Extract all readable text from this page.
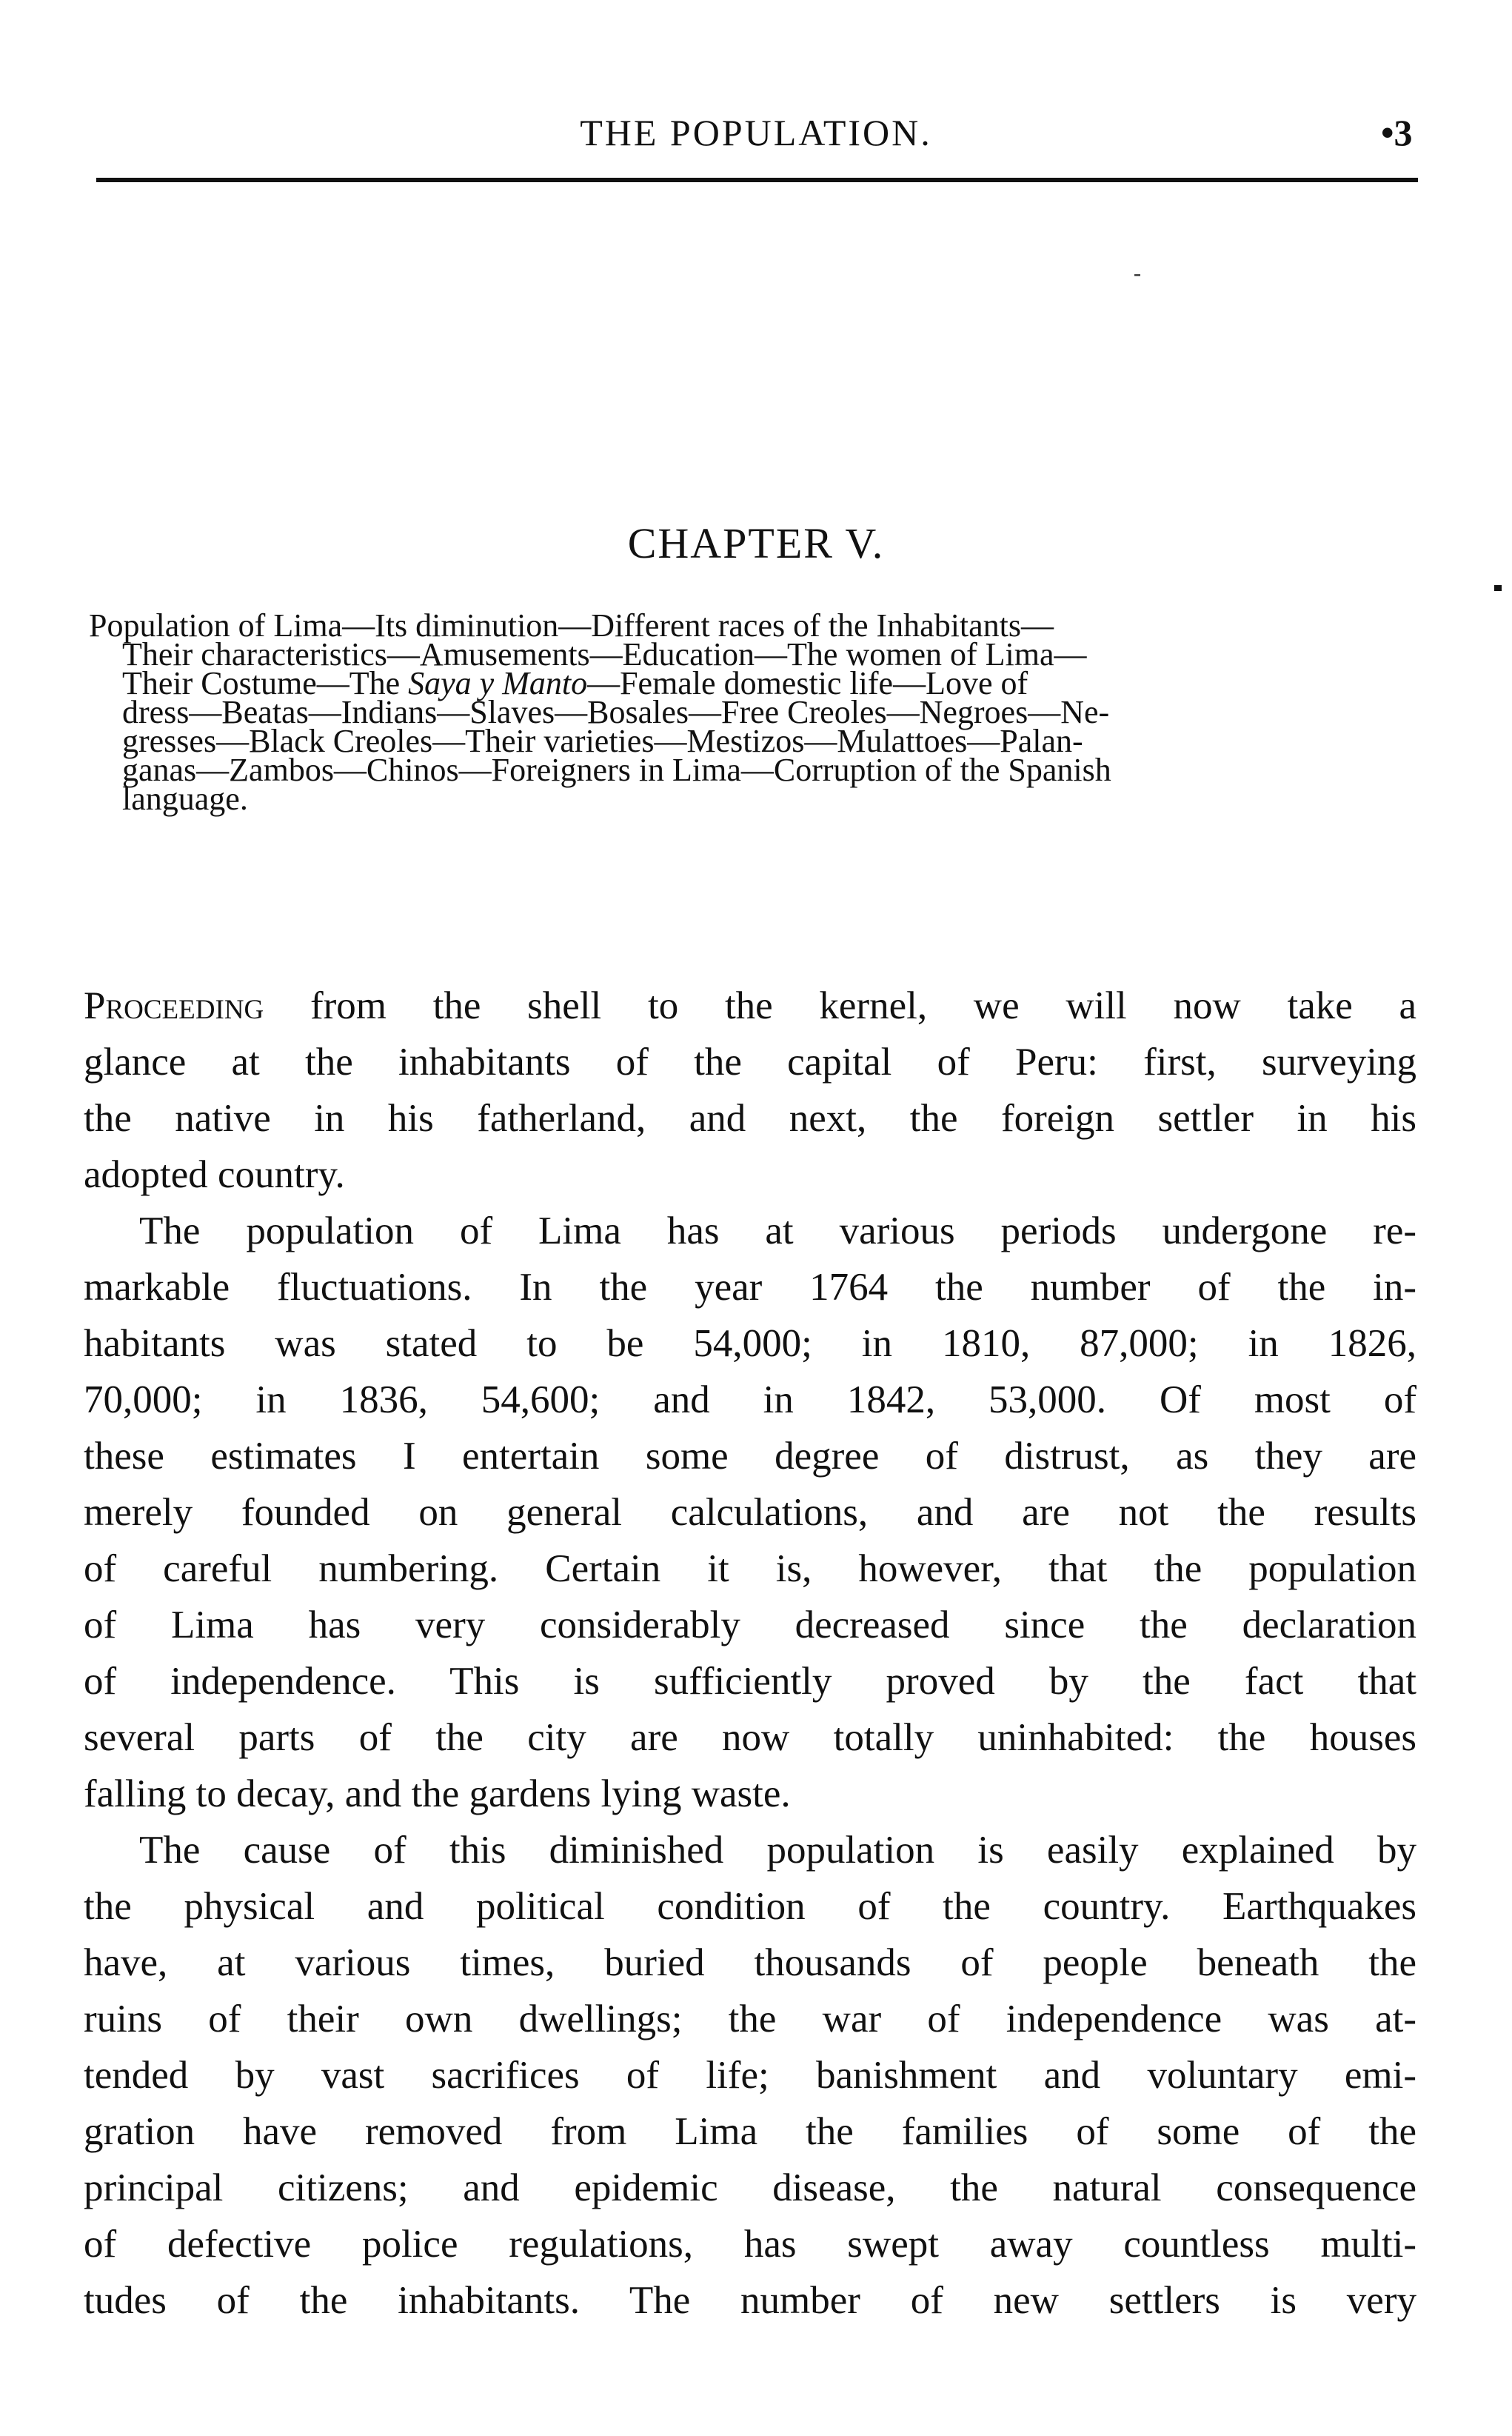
THE POPULATION.	•3
CHAPTER V.
Population of Lima—Its diminution—Different races of the Inhabitants—
Their characteristics—Amusements—Education—The women of Lima—
Their Costume—The Saya y Manto—Female domestic life—Love of
dress—Beatas—Indians—Slaves—Bosales—Free Creoles—Negroes—Ne-
gresses—Black Creoles—Their varieties—Mestizos—Mulattoes—Palan-
ganas—Zambos—Chinos—Foreigners in Lima—Corruption of the Spanish
language.
Proceeding from the shell to the kernel, we will now take a
glance at the inhabitants of the capital of Peru: first, surveying
the native in his fatherland, and next, the foreign settler in his
adopted country.
The population of Lima has at various periods undergone re-
markable fluctuations. In the year 1764 the number of the in-
habitants was stated to be 54,000; in 1810, 87,000; in 1826,
70,000; in 1836, 54,600; and in 1842, 53,000. Of most of
these estimates I entertain some degree of distrust, as they are
merely founded on general calculations, and are not the results
of careful numbering. Certain it is, however, that the population
of Lima has very considerably decreased since the declaration
of independence. This is sufficiently proved by the fact that
several parts of the city are now totally uninhabited: the houses
falling to decay, and the gardens lying waste.
The cause of this diminished population is easily explained by
the physical and political condition of the country. Earthquakes
have, at various times, buried thousands of people beneath the
ruins of their own dwellings; the war of independence was at-
tended by vast sacrifices of life; banishment and voluntary emi-
gration have removed from Lima the families of some of the
principal citizens; and epidemic disease, the natural consequence
of defective police regulations, has swept away countless multi-
tudes of the inhabitants. The number of new settlers is very
